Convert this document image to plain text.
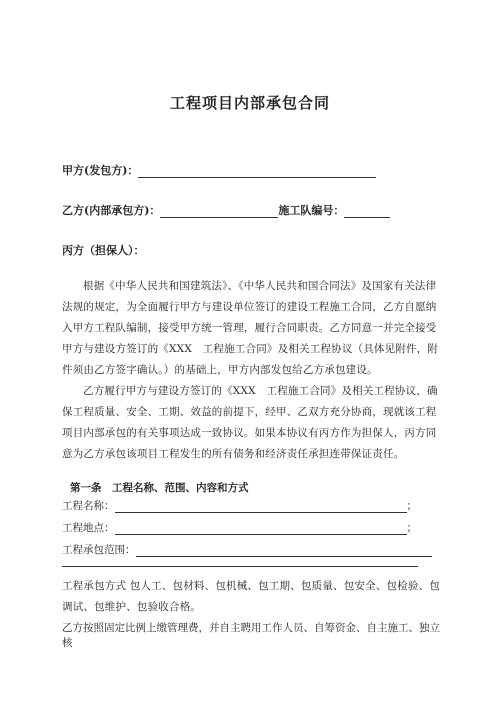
工程项目内部承包合同
甲方(发包方)：
乙方(内部承包方)：	施工队编号：
丙方（担保人）：
根据《中华人民共和国建筑法》、《中华人民共和国合同法》及国家有关法律法规的规定，为全面履行甲方与建设单位签订的建设工程施工合同，乙方自愿纳入甲方工程队编制，接受甲方统一管理，履行合同职责。乙方同意一并完全接受甲方与建设方签订的《XXX　工程施工合同》及相关工程协议（具体见附件，附件须由乙方签字确认。）的基础上，甲方内部发包给乙方承包建设。
乙方履行甲方与建设方签订的《XXX　工程施工合同》及相关工程协议，确保工程质量、安全、工期、效益的前提下，经甲、乙双方充分协商，现就该工程项目内部承包的有关事项达成一致协议。如果本协议有丙方作为担保人，丙方同意为乙方承包该项目工程发生的所有债务和经济责任承担连带保证责任。
第一条　工程名称、范围、内容和方式
工程名称：	；
工程地点：	；
工程承包范围：
工程承包方式 包人工、包材料、包机械、包工期、包质量、包安全、包检验、包调试、包维护、包验收合格。
乙方按照固定比例上缴管理费，并自主聘用工作人员、自筹资金、自主施工、独立核
